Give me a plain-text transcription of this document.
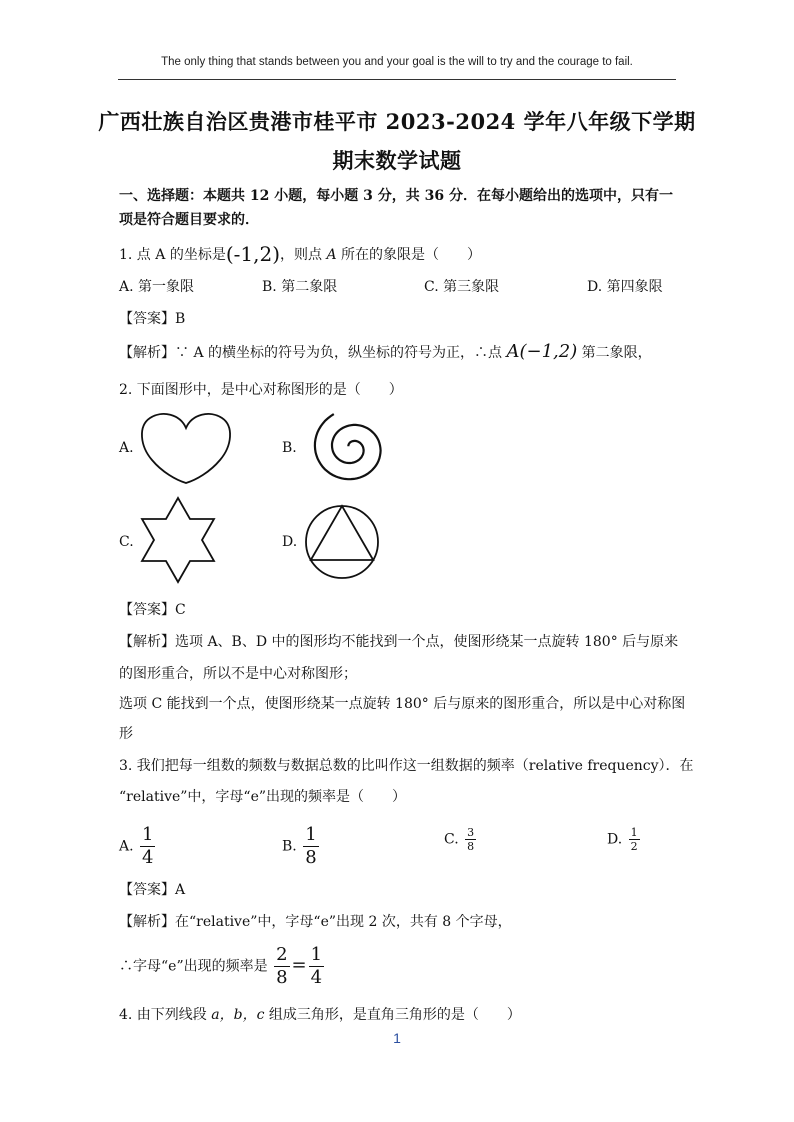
The only thing that stands between you and your goal is the will to try and the courage to fail.
广西壮族自治区贵港市桂平市 2023-2024 学年八年级下学期
期末数学试题
一、选择题：本题共 12 小题，每小题 3 分，共 36 分．在每小题给出的选项中，只有一项是符合题目要求的．
1. 点 A 的坐标是(-1,2)，则点 A 所在的象限是（　　）
A. 第一象限	B. 第二象限	C. 第三象限	D. 第四象限
【答案】B
【解析】∵ A 的横坐标的符号为负，纵坐标的符号为正，∴点 A(−1,2) 第二象限，
2. 下面图形中，是中心对称图形的是（　　）
A.	B.
C.	D.
【答案】C
【解析】选项 A、B、D 中的图形均不能找到一个点，使图形绕某一点旋转 180° 后与原来
的图形重合，所以不是中心对称图形；
选项 C 能找到一个点，使图形绕某一点旋转 180° 后与原来的图形重合，所以是中心对称图
形
3. 我们把每一组数的频数与数据总数的比叫作这一组数据的频率（relative frequency）．在
“relative”中，字母“e”出现的频率是（　　）
A. $\frac{1}{4}$	B. $\frac{1}{8}$	C. $\frac{3}{8}$	D. $\frac{1}{2}$
【答案】A
【解析】在“relative”中，字母“e”出现 2 次，共有 8 个字母，
∴字母“e”出现的频率是 $\frac{2}{8} = \frac{1}{4}$
4. 由下列线段 a，b，c 组成三角形，是直角三角形的是（　　）
1
